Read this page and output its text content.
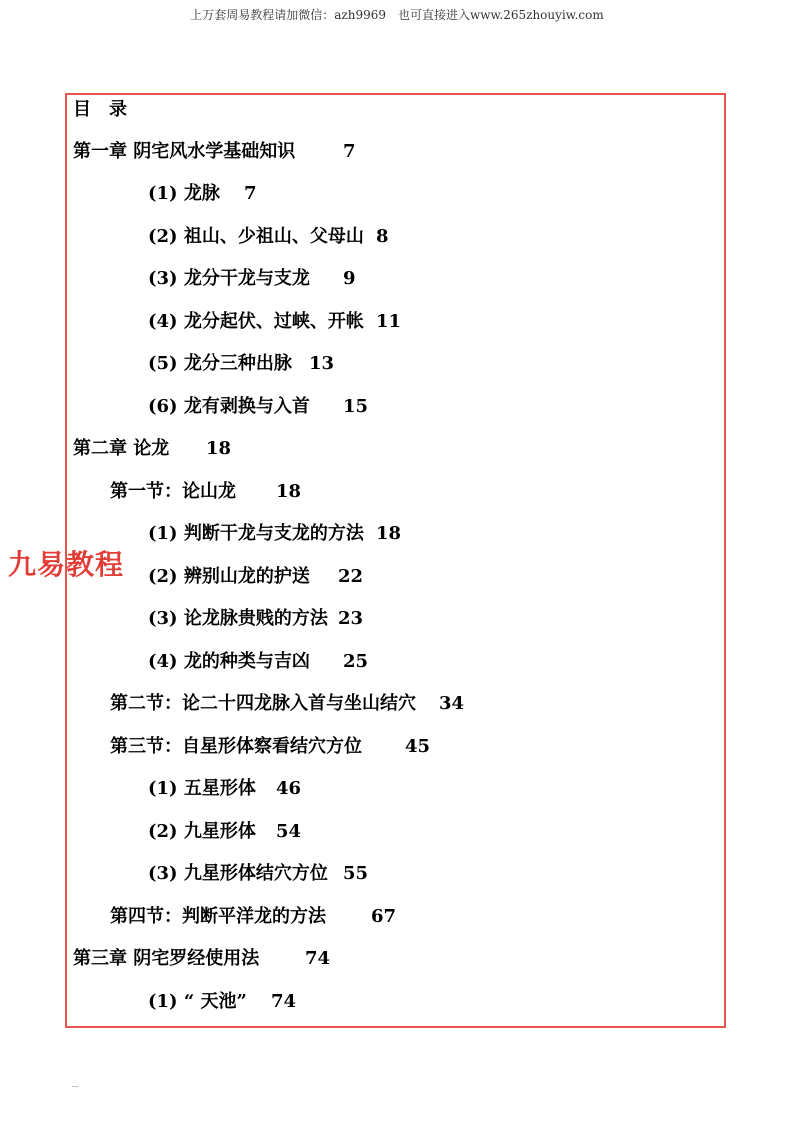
上万套周易教程请加微信：azh9969　也可直接进入www.265zhouyiw.com
目　录
第一章 阴宅风水学基础知识	7
(1) 龙脉 7
(2) 祖山、少祖山、父母山 8
(3) 龙分干龙与支龙 9
(4) 龙分起伏、过峡、开帐 11
(5) 龙分三种出脉 13
(6) 龙有剥换与入首 15
第二章 论龙 18
第一节：论山龙 18
(1) 判断干龙与支龙的方法 18
(2) 辨别山龙的护送 22
(3) 论龙脉贵贱的方法 23
(4) 龙的种类与吉凶 25
第二节：论二十四龙脉入首与坐山结穴 34
第三节：自星形体察看结穴方位 45
(1) 五星形体 46
(2) 九星形体 54
(3) 九星形体结穴方位 55
第四节：判断平洋龙的方法	67
第三章 阴宅罗经使用法	74
(1) “ 天池” 74
九易教程
